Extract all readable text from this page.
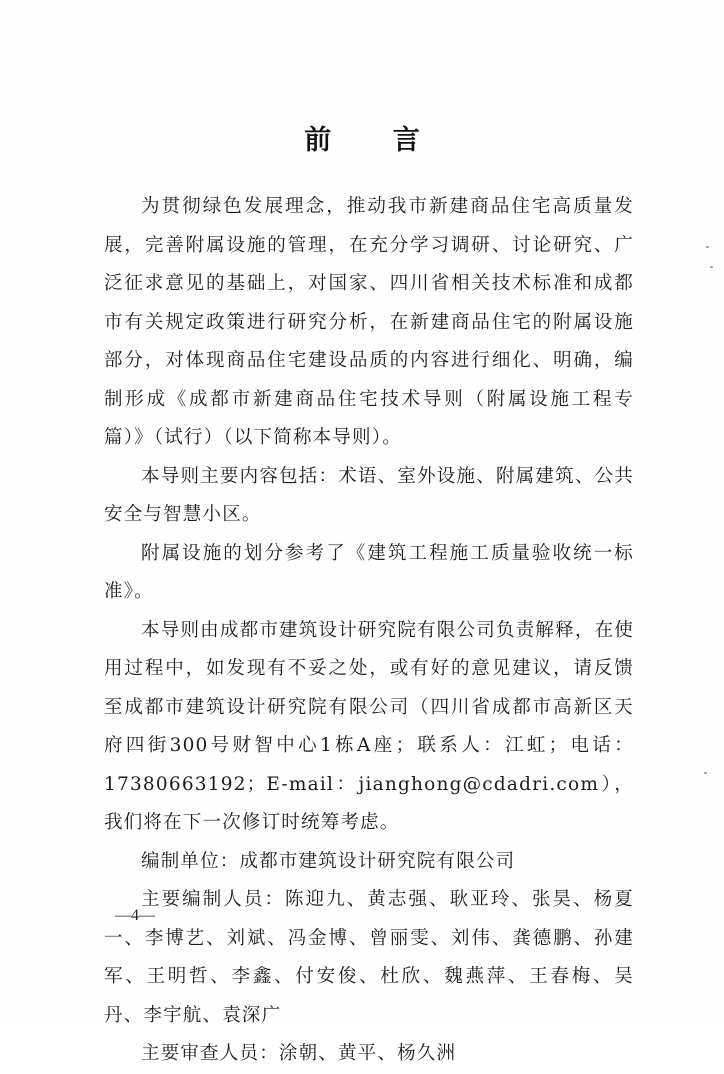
前 言

为贯彻绿色发展理念，推动我市新建商品住宅高质量发展，完善附属设施的管理，在充分学习调研、讨论研究、广泛征求意见的基础上，对国家、四川省相关技术标准和成都市有关规定政策进行研究分析，在新建商品住宅的附属设施部分，对体现商品住宅建设品质的内容进行细化、明确，编制形成《成都市新建商品住宅技术导则（附属设施工程专篇）》（试行）（以下简称本导则）。

本导则主要内容包括：术语、室外设施、附属建筑、公共安全与智慧小区。

附属设施的划分参考了《建筑工程施工质量验收统一标准》。

本导则由成都市建筑设计研究院有限公司负责解释，在使用过程中，如发现有不妥之处，或有好的意见建议，请反馈至成都市建筑设计研究院有限公司（四川省成都市高新区天府四街300号财智中心1栋A座；联系人：江虹；电话：17380663192；E-mail：jianghong@cdadri.com），我们将在下一次修订时统筹考虑。

编制单位：成都市建筑设计研究院有限公司

主要编制人员：陈迎九、黄志强、耿亚玲、张昊、杨夏一、李博艺、刘斌、冯金博、曾丽雯、刘伟、龚德鹏、孙建军、王明哲、李鑫、付安俊、杜欣、魏燕萍、王春梅、吴丹、李宇航、袁深广

主要审查人员：涂朝、黄平、杨久洲

—4—
